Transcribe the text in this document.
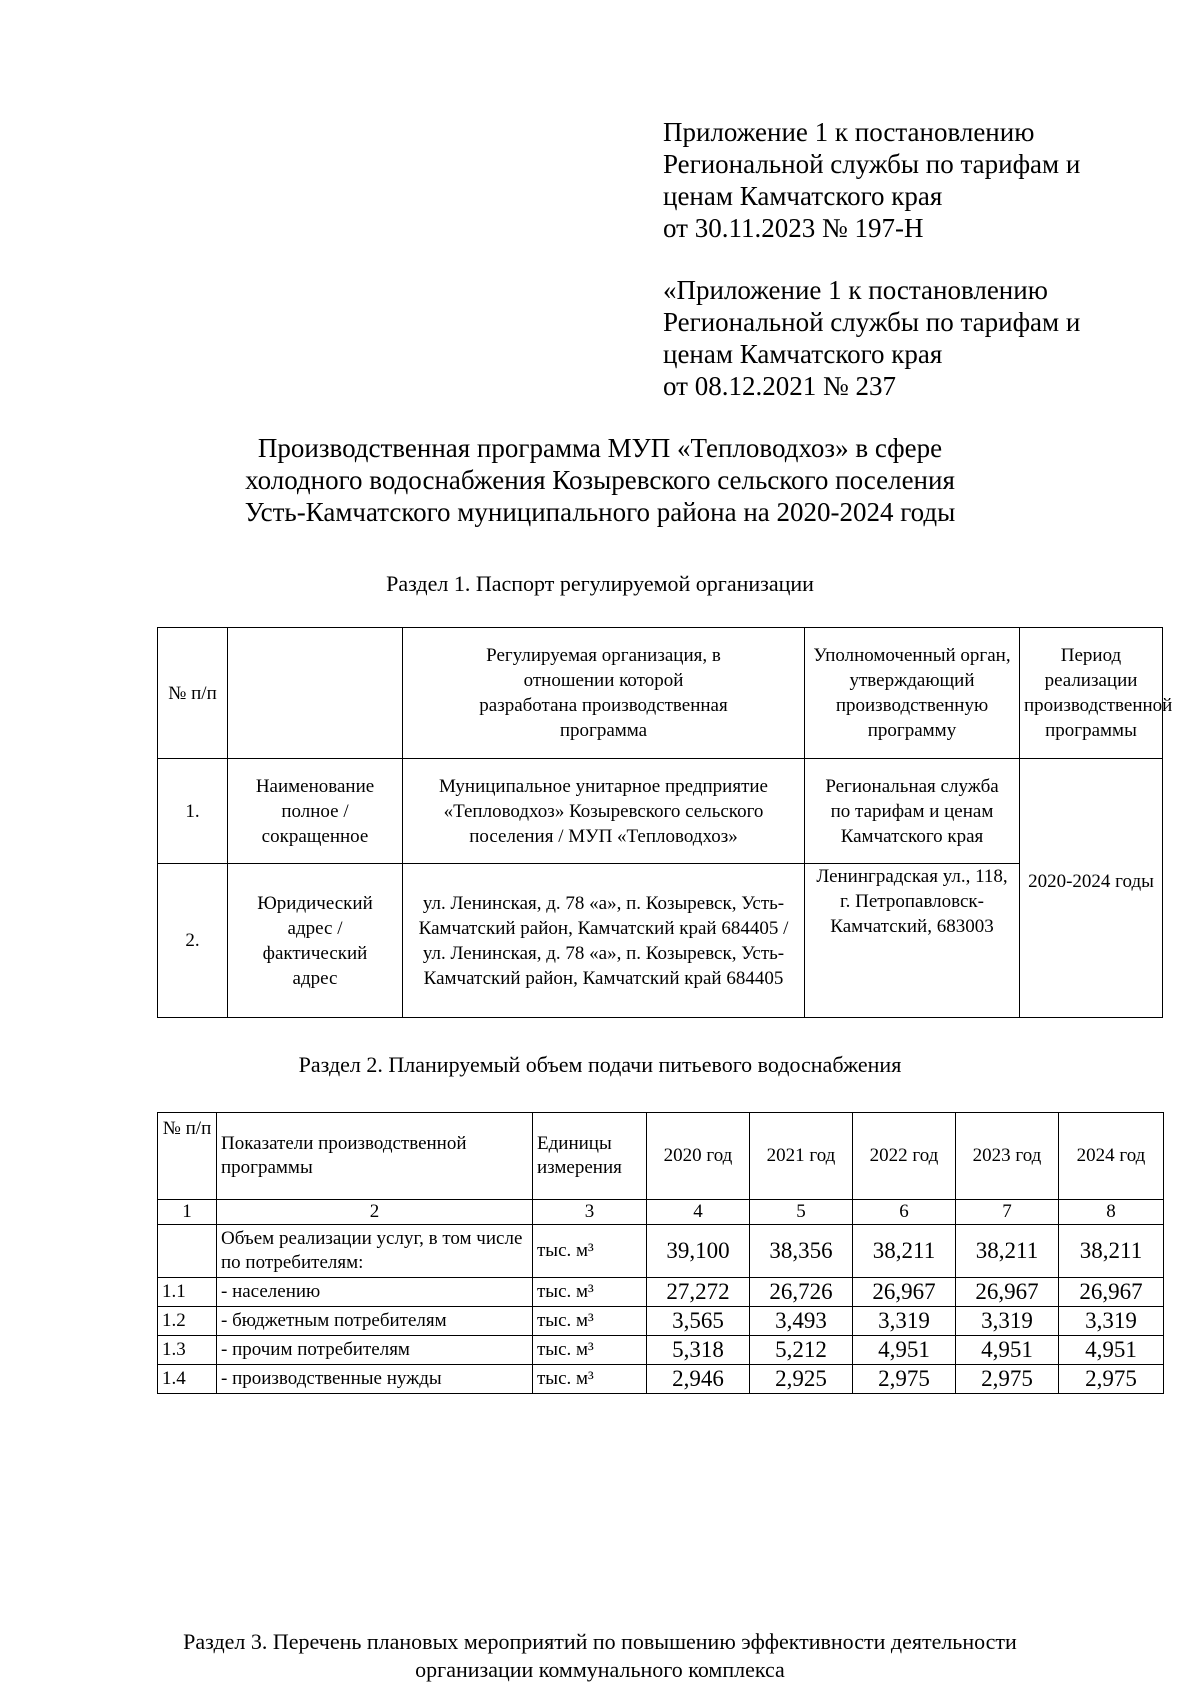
Приложение 1 к постановлению
Региональной службы по тарифам и
ценам Камчатского края
от 30.11.2023 № 197-Н
«Приложение 1 к постановлению
Региональной службы по тарифам и
ценам Камчатского края
от 08.12.2021 № 237
Производственная программа МУП «Тепловодхоз» в сфере
холодного водоснабжения Козыревского сельского поселения
Усть-Камчатского муниципального района на 2020-2024 годы
Раздел 1. Паспорт регулируемой организации
№ п/п		Регулируемая организация, в отношении которой разработана производственная программа	Уполномоченный орган, утверждающий производственную программу	Период реализации производственной программы
1.	Наименование полное / сокращенное	Муниципальное унитарное предприятие «Тепловодхоз» Козыревского сельского поселения / МУП «Тепловодхоз»	Региональная служба по тарифам и ценам Камчатского края	2020-2024 годы
2.	Юридический адрес / фактический адрес	ул. Ленинская, д. 78 «а», п. Козыревск, Усть-Камчатский район, Камчатский край 684405 / ул. Ленинская, д. 78 «а», п. Козыревск, Усть-Камчатский район, Камчатский край 684405	Ленинградская ул., 118, г. Петропавловск-Камчатский, 683003	
Раздел 2. Планируемый объем подачи питьевого водоснабжения
№ п/п	Показатели производственной программы	Единицы измерения	2020 год	2021 год	2022 год	2023 год	2024 год
1	2	3	4	5	6	7	8
	Объем реализации услуг, в том числе по потребителям:	тыс. м³	39,100	38,356	38,211	38,211	38,211
1.1	- населению	тыс. м³	27,272	26,726	26,967	26,967	26,967
1.2	- бюджетным потребителям	тыс. м³	3,565	3,493	3,319	3,319	3,319
1.3	- прочим потребителям	тыс. м³	5,318	5,212	4,951	4,951	4,951
1.4	- производственные нужды	тыс. м³	2,946	2,925	2,975	2,975	2,975
Раздел 3. Перечень плановых мероприятий по повышению эффективности деятельности
организации коммунального комплекса
